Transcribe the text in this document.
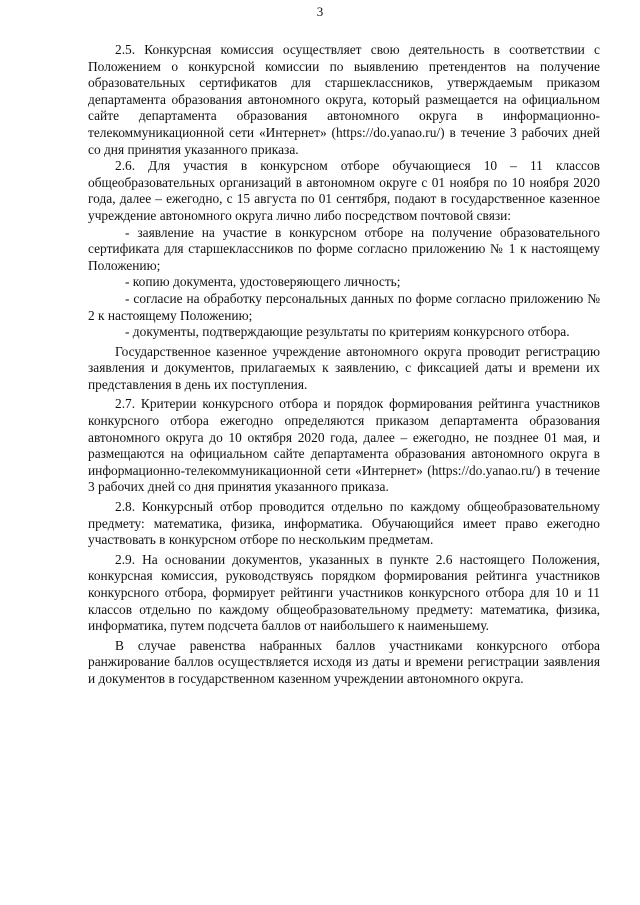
3

2.5. Конкурсная комиссия осуществляет свою деятельность в соответствии с Положением о конкурсной комиссии по выявлению претендентов на получение образовательных сертификатов для старшеклассников, утверждаемым приказом департамента образования автономного округа, который размещается на официальном сайте департамента образования автономного округа в информационно-телекоммуникационной сети «Интернет» (https://do.yanao.ru/) в течение 3 рабочих дней со дня принятия указанного приказа.

2.6. Для участия в конкурсном отборе обучающиеся 10 – 11 классов общеобразовательных организаций в автономном округе с 01 ноября по 10 ноября 2020 года, далее – ежегодно, с 15 августа по 01 сентября, подают в государственное казенное учреждение автономного округа лично либо посредством почтовой связи:

- заявление на участие в конкурсном отборе на получение образовательного сертификата для старшеклассников по форме согласно приложению № 1 к настоящему Положению;

- копию документа, удостоверяющего личность;

- согласие на обработку персональных данных по форме согласно приложению № 2 к настоящему Положению;

- документы, подтверждающие результаты по критериям конкурсного отбора.

Государственное казенное учреждение автономного округа проводит регистрацию заявления и документов, прилагаемых к заявлению, с фиксацией даты и времени их представления в день их поступления.

2.7. Критерии конкурсного отбора и порядок формирования рейтинга участников конкурсного отбора ежегодно определяются приказом департамента образования автономного округа до 10 октября 2020 года, далее – ежегодно, не позднее 01 мая, и размещаются на официальном сайте департамента образования автономного округа в информационно-телекоммуникационной сети «Интернет» (https://do.yanao.ru/) в течение 3 рабочих дней со дня принятия указанного приказа.

2.8. Конкурсный отбор проводится отдельно по каждому общеобразовательному предмету: математика, физика, информатика. Обучающийся имеет право ежегодно участвовать в конкурсном отборе по нескольким предметам.

2.9. На основании документов, указанных в пункте 2.6 настоящего Положения, конкурсная комиссия, руководствуясь порядком формирования рейтинга участников конкурсного отбора, формирует рейтинги участников конкурсного отбора для 10 и 11 классов отдельно по каждому общеобразовательному предмету: математика, физика, информатика, путем подсчета баллов от наибольшего к наименьшему.

В случае равенства набранных баллов участниками конкурсного отбора ранжирование баллов осуществляется исходя из даты и времени регистрации заявления и документов в государственном казенном учреждении автономного округа.
